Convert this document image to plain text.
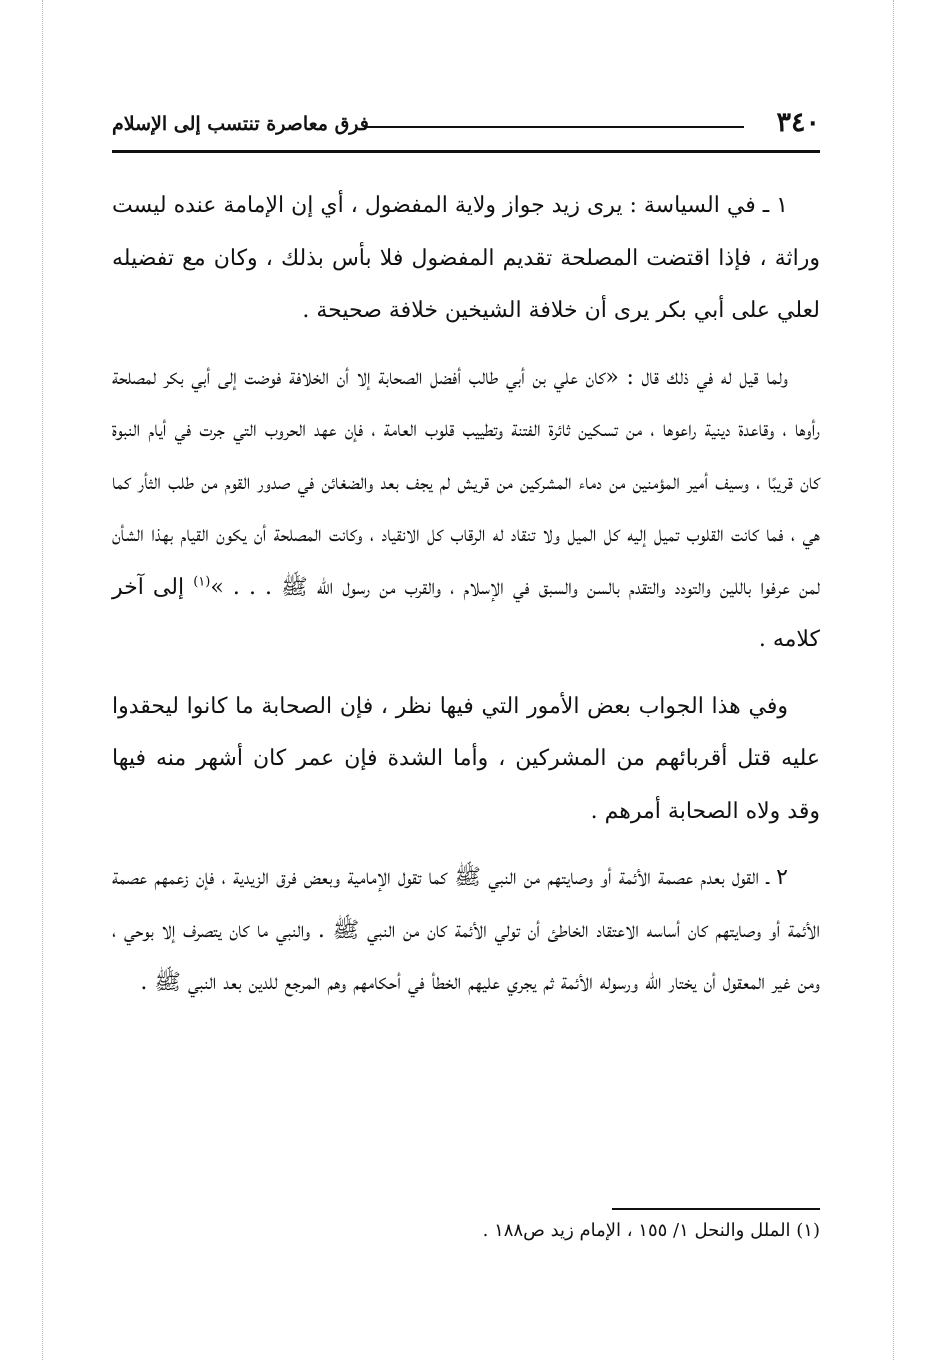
٣٤٠
فرق معاصرة تنتسب إلى الإسلام

١ ـ في السياسة : يرى زيد جواز ولاية المفضول ، أي إن الإمامة عنده ليست وراثة ، فإذا اقتضت المصلحة تقديم المفضول فلا بأس بذلك ، وكان مع تفضيله لعلي على أبي بكر يرى أن خلافة الشيخين خلافة صحيحة .

ولما قيل له في ذلك قال : «كان علي بن أبي طالب أفضل الصحابة إلا أن الخلافة فوضت إلى أبي بكر لمصلحة رأوها ، وقاعدة دينية راعوها ، من تسكين ثائرة الفتنة وتطييب قلوب العامة ، فإن عهد الحروب التي جرت في أيام النبوة كان قريبًا ، وسيف أمير المؤمنين من دماء المشركين من قريش لم يجف بعد والضغائن في صدور القوم من طلب الثأر كما هي ، فما كانت القلوب تميل إليه كل الميل ولا تنقاد له الرقاب كل الانقياد ، وكانت المصلحة أن يكون القيام بهذا الشأن لمن عرفوا باللين والتودد والتقدم بالسن والسبق في الإسلام ، والقرب من رسول الله ﷺ . . . »$^{(١)}$ إلى آخر كلامه .

وفي هذا الجواب بعض الأمور التي فيها نظر ، فإن الصحابة ما كانوا ليحقدوا عليه قتل أقربائهم من المشركين ، وأما الشدة فإن عمر كان أشهر منه فيها وقد ولاه الصحابة أمرهم .

٢ ـ القول بعدم عصمة الأئمة أو وصايتهم من النبي ﷺ كما تقول الإمامية وبعض فرق الزيدية ، فإن زعمهم عصمة الأئمة أو وصايتهم كان أساسه الاعتقاد الخاطئ أن تولي الأئمة كان من النبي ﷺ . والنبي ما كان يتصرف إلا بوحي ، ومن غير المعقول أن يختار الله ورسوله الأئمة ثم يجري عليهم الخطأ في أحكامهم وهم المرجع للدين بعد النبي ﷺ .

(١) الملل والنحل ١/ ١٥٥ ، الإمام زيد ص١٨٨ .
